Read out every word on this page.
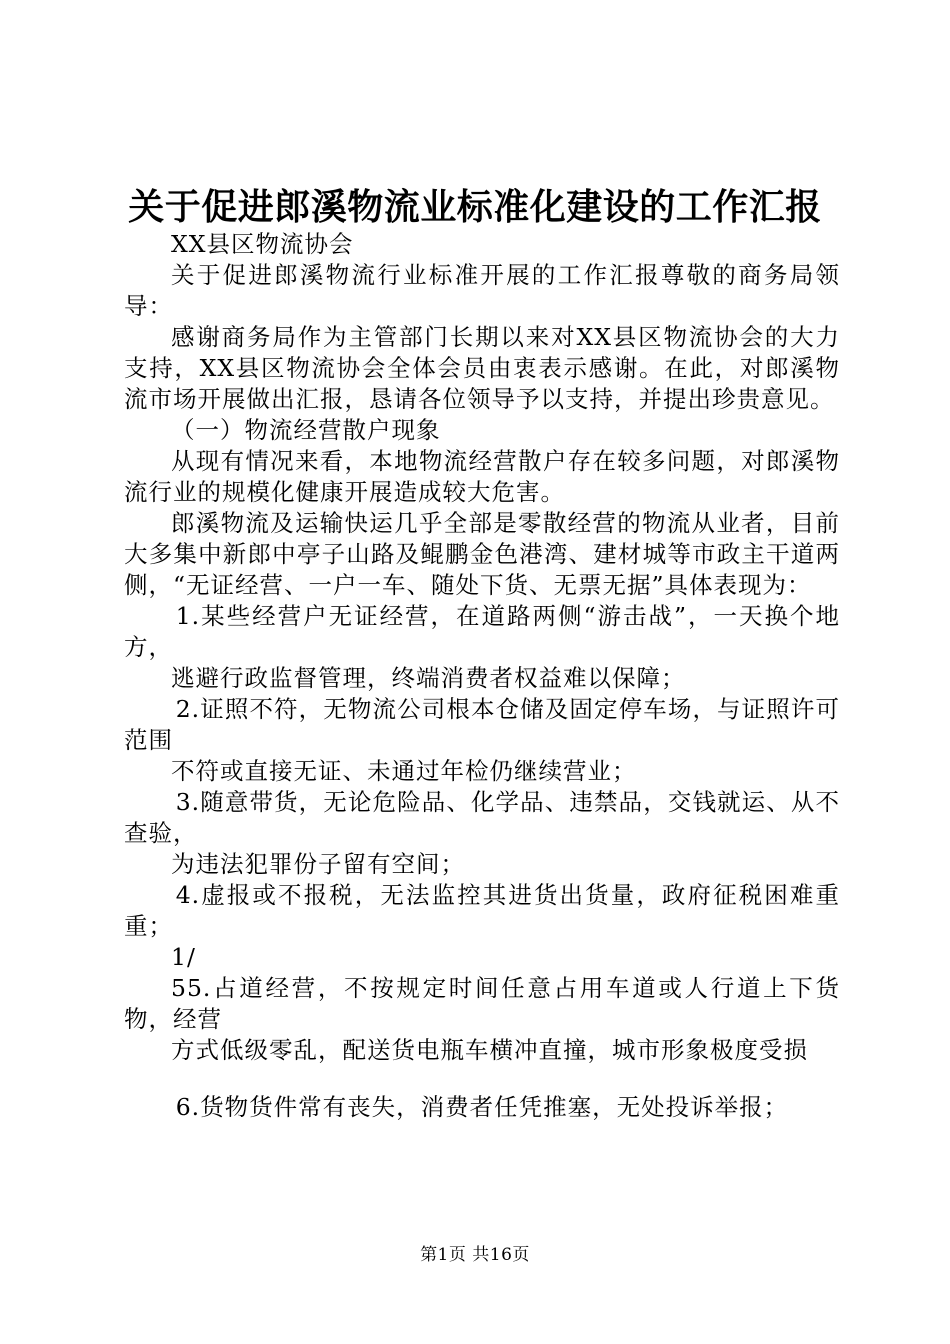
关于促进郎溪物流业标准化建设的工作汇报

XX县区物流协会

关于促进郎溪物流行业标准开展的工作汇报尊敬的商务局领导：

感谢商务局作为主管部门长期以来对XX县区物流协会的大力支持，XX县区物流协会全体会员由衷表示感谢。在此，对郎溪物流市场开展做出汇报，恳请各位领导予以支持，并提出珍贵意见。

（一）物流经营散户现象

从现有情况来看，本地物流经营散户存在较多问题，对郎溪物流行业的规模化健康开展造成较大危害。

郎溪物流及运输快运几乎全部是零散经营的物流从业者，目前大多集中新郎中亭子山路及鲲鹏金色港湾、建材城等市政主干道两侧，“无证经营、一户一车、随处下货、无票无据”具体表现为：

1.某些经营户无证经营，在道路两侧“游击战”，一天换个地方，

逃避行政监督管理，终端消费者权益难以保障；

2.证照不符，无物流公司根本仓储及固定停车场，与证照许可范围

不符或直接无证、未通过年检仍继续营业；

3.随意带货，无论危险品、化学品、违禁品，交钱就运、从不查验，

为违法犯罪份子留有空间；

4.虚报或不报税，无法监控其进货出货量，政府征税困难重重；

1/

55.占道经营，不按规定时间任意占用车道或人行道上下货物，经营

方式低级零乱，配送货电瓶车横冲直撞，城市形象极度受损

6.货物货件常有丧失，消费者任凭推塞，无处投诉举报；

第1页 共16页
